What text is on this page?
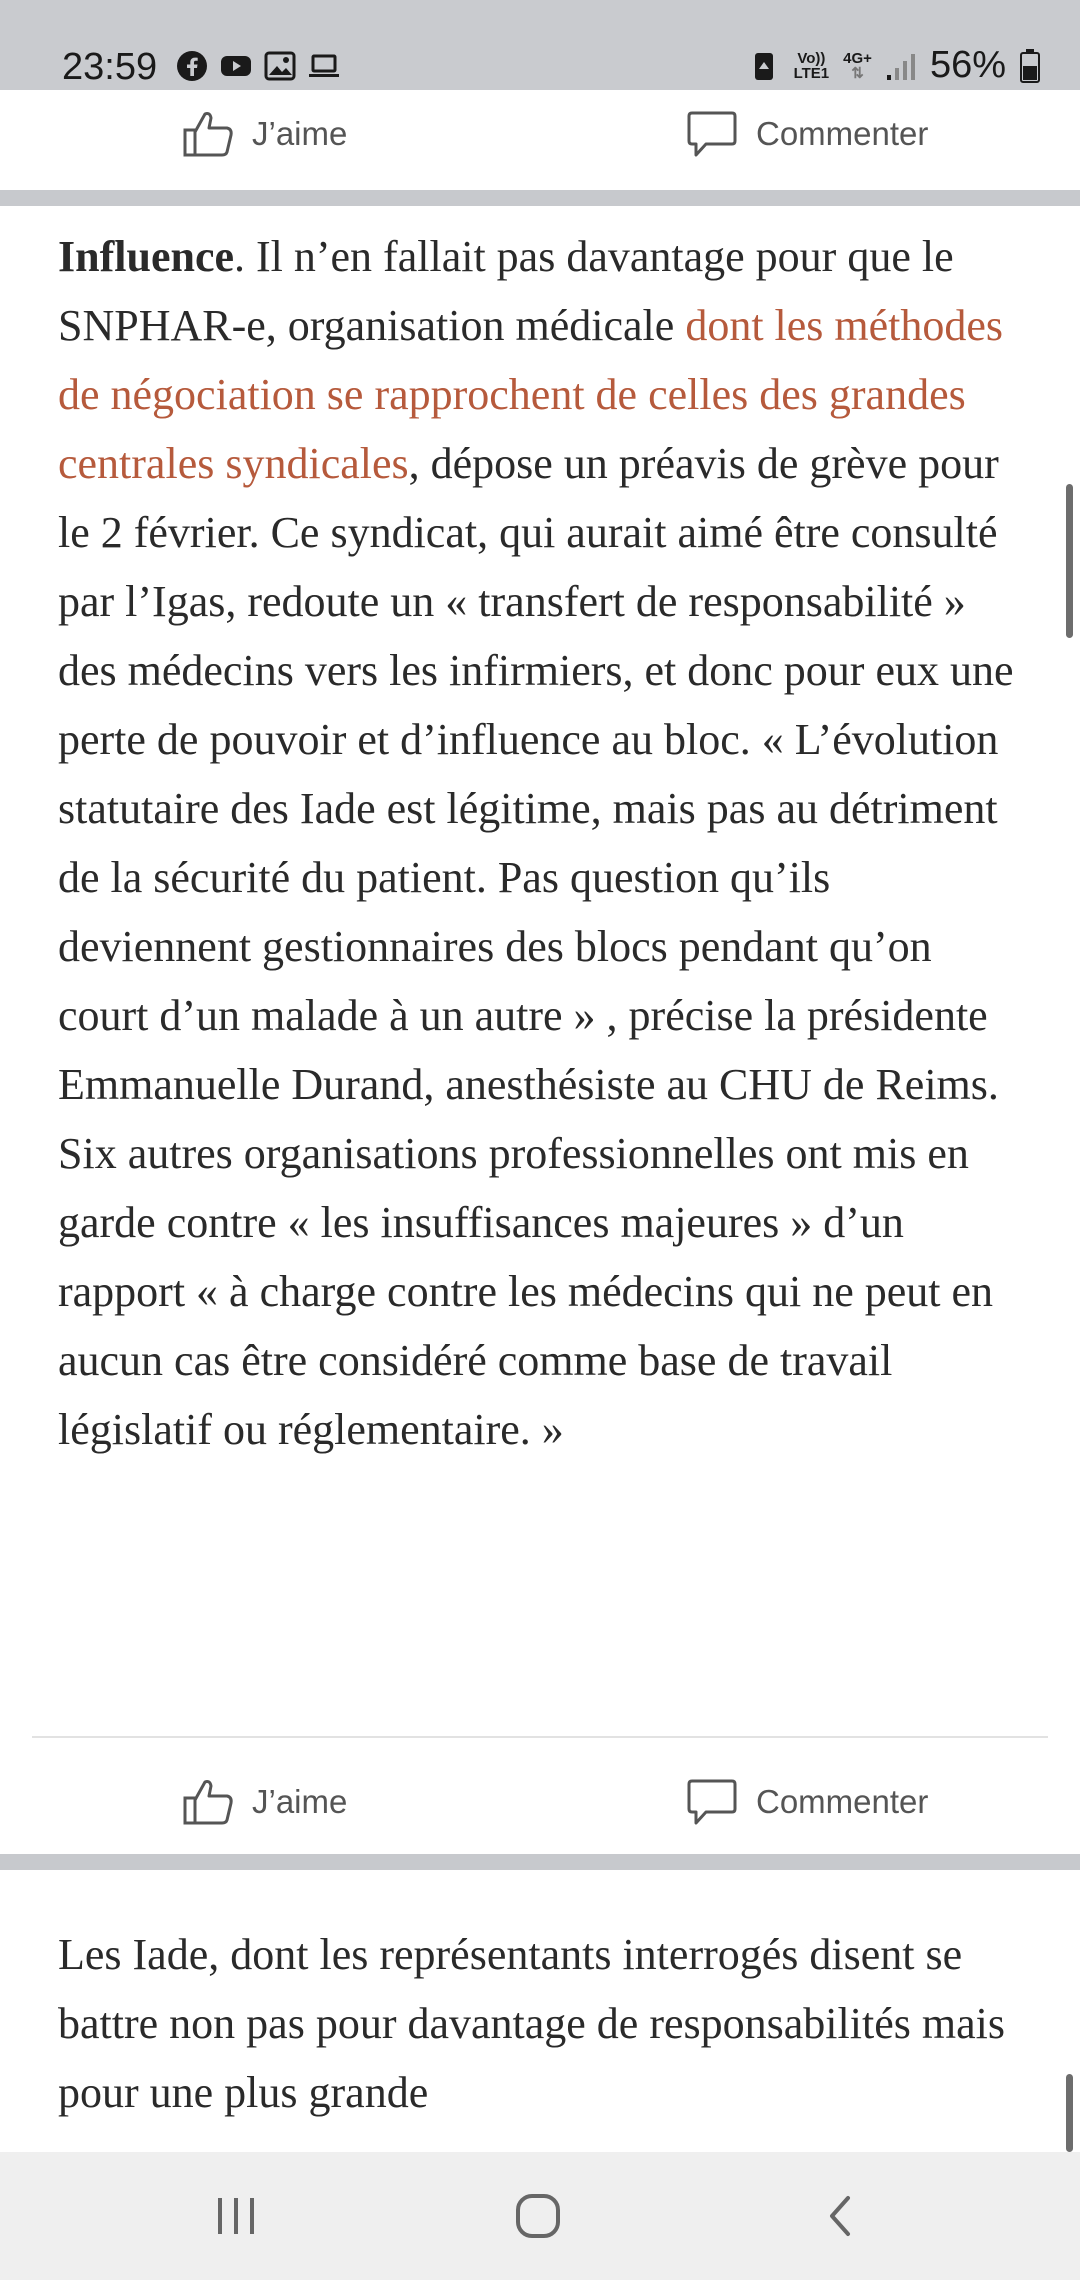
23:59	Vo))
LTE1
4G+
⇅ 56%
J’aime	Commenter
Influence. Il n’en fallait pas davantage pour que le SNPHAR-e, organisation médicale dont les méthodes de négociation se rapprochent de celles des grandes centrales syndicales, dépose un préavis de grève pour le 2 février. Ce syndicat, qui aurait aimé être consulté par l’Igas, redoute un « transfert de responsabilité » des médecins vers les infirmiers, et donc pour eux une perte de pouvoir et d’influence au bloc. « L’évolution statutaire des Iade est légitime, mais pas au détriment de la sécurité du patient. Pas question qu’ils deviennent gestionnaires des blocs pendant qu’on court d’un malade à un autre » , précise la présidente Emmanuelle Durand, anesthésiste au CHU de Reims. Six autres organisations professionnelles ont mis en garde contre « les insuffisances majeures » d’un rapport « à charge contre les médecins qui ne peut en aucun cas être considéré comme base de travail législatif ou réglementaire. »
J’aime	Commenter
Les Iade, dont les représentants interrogés disent se battre non pas pour davantage de responsabilités mais pour une plus grande
